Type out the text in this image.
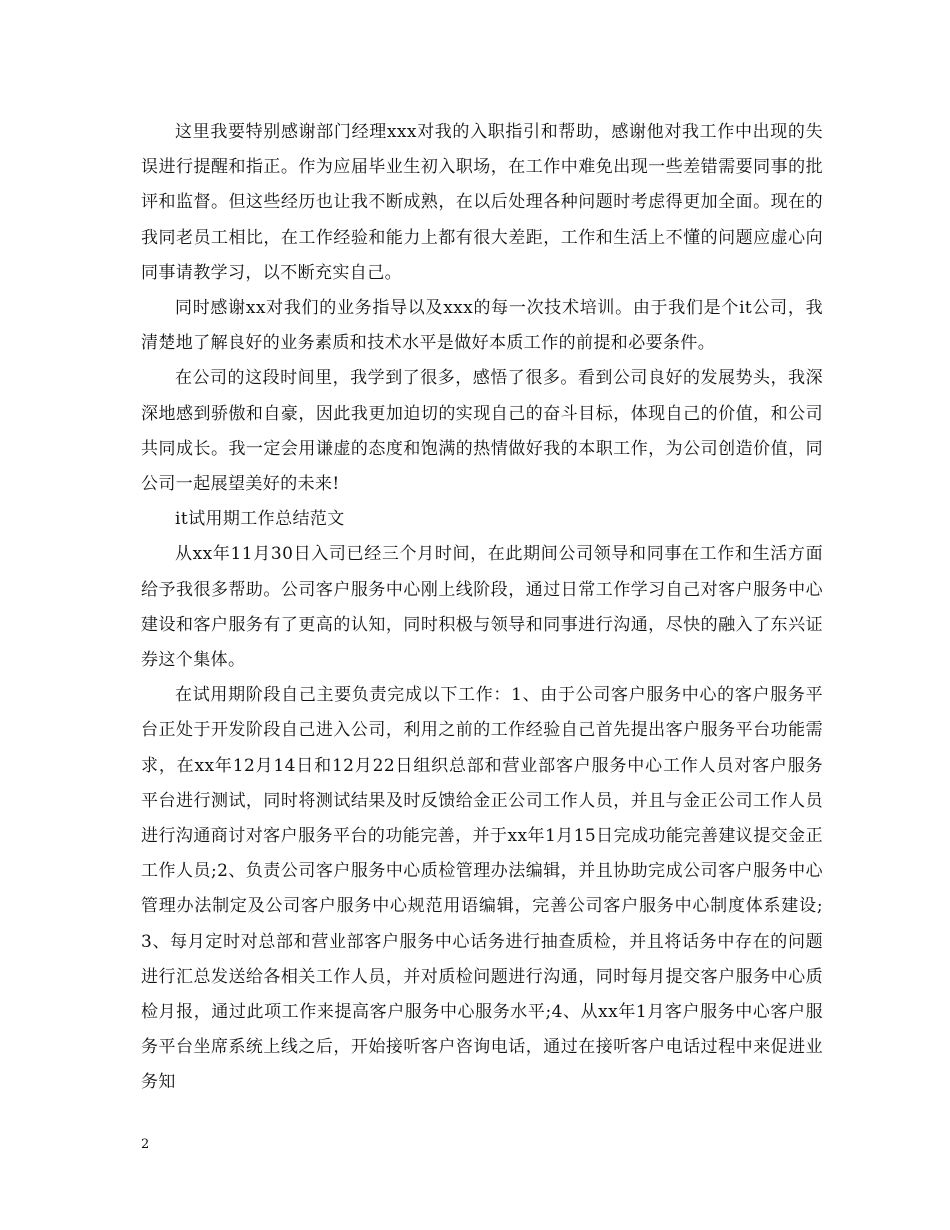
这里我要特别感谢部门经理xxx对我的入职指引和帮助，感谢他对我工作中出现的失误进行提醒和指正。作为应届毕业生初入职场，在工作中难免出现一些差错需要同事的批评和监督。但这些经历也让我不断成熟，在以后处理各种问题时考虑得更加全面。现在的我同老员工相比，在工作经验和能力上都有很大差距，工作和生活上不懂的问题应虚心向同事请教学习，以不断充实自己。

同时感谢xx对我们的业务指导以及xxx的每一次技术培训。由于我们是个it公司，我清楚地了解良好的业务素质和技术水平是做好本质工作的前提和必要条件。

在公司的这段时间里，我学到了很多，感悟了很多。看到公司良好的发展势头，我深深地感到骄傲和自豪，因此我更加迫切的实现自己的奋斗目标，体现自己的价值，和公司共同成长。我一定会用谦虚的态度和饱满的热情做好我的本职工作，为公司创造价值，同公司一起展望美好的未来!

it试用期工作总结范文

从xx年11月30日入司已经三个月时间，在此期间公司领导和同事在工作和生活方面给予我很多帮助。公司客户服务中心刚上线阶段，通过日常工作学习自己对客户服务中心建设和客户服务有了更高的认知，同时积极与领导和同事进行沟通，尽快的融入了东兴证券这个集体。

在试用期阶段自己主要负责完成以下工作：1、由于公司客户服务中心的客户服务平台正处于开发阶段自己进入公司，利用之前的工作经验自己首先提出客户服务平台功能需求，在xx年12月14日和12月22日组织总部和营业部客户服务中心工作人员对客户服务平台进行测试，同时将测试结果及时反馈给金正公司工作人员，并且与金正公司工作人员进行沟通商讨对客户服务平台的功能完善，并于xx年1月15日完成功能完善建议提交金正工作人员;2、负责公司客户服务中心质检管理办法编辑，并且协助完成公司客户服务中心管理办法制定及公司客户服务中心规范用语编辑，完善公司客户服务中心制度体系建设;3、每月定时对总部和营业部客户服务中心话务进行抽查质检，并且将话务中存在的问题进行汇总发送给各相关工作人员，并对质检问题进行沟通，同时每月提交客户服务中心质检月报，通过此项工作来提高客户服务中心服务水平;4、从xx年1月客户服务中心客户服务平台坐席系统上线之后，开始接听客户咨询电话，通过在接听客户电话过程中来促进业务知

2
